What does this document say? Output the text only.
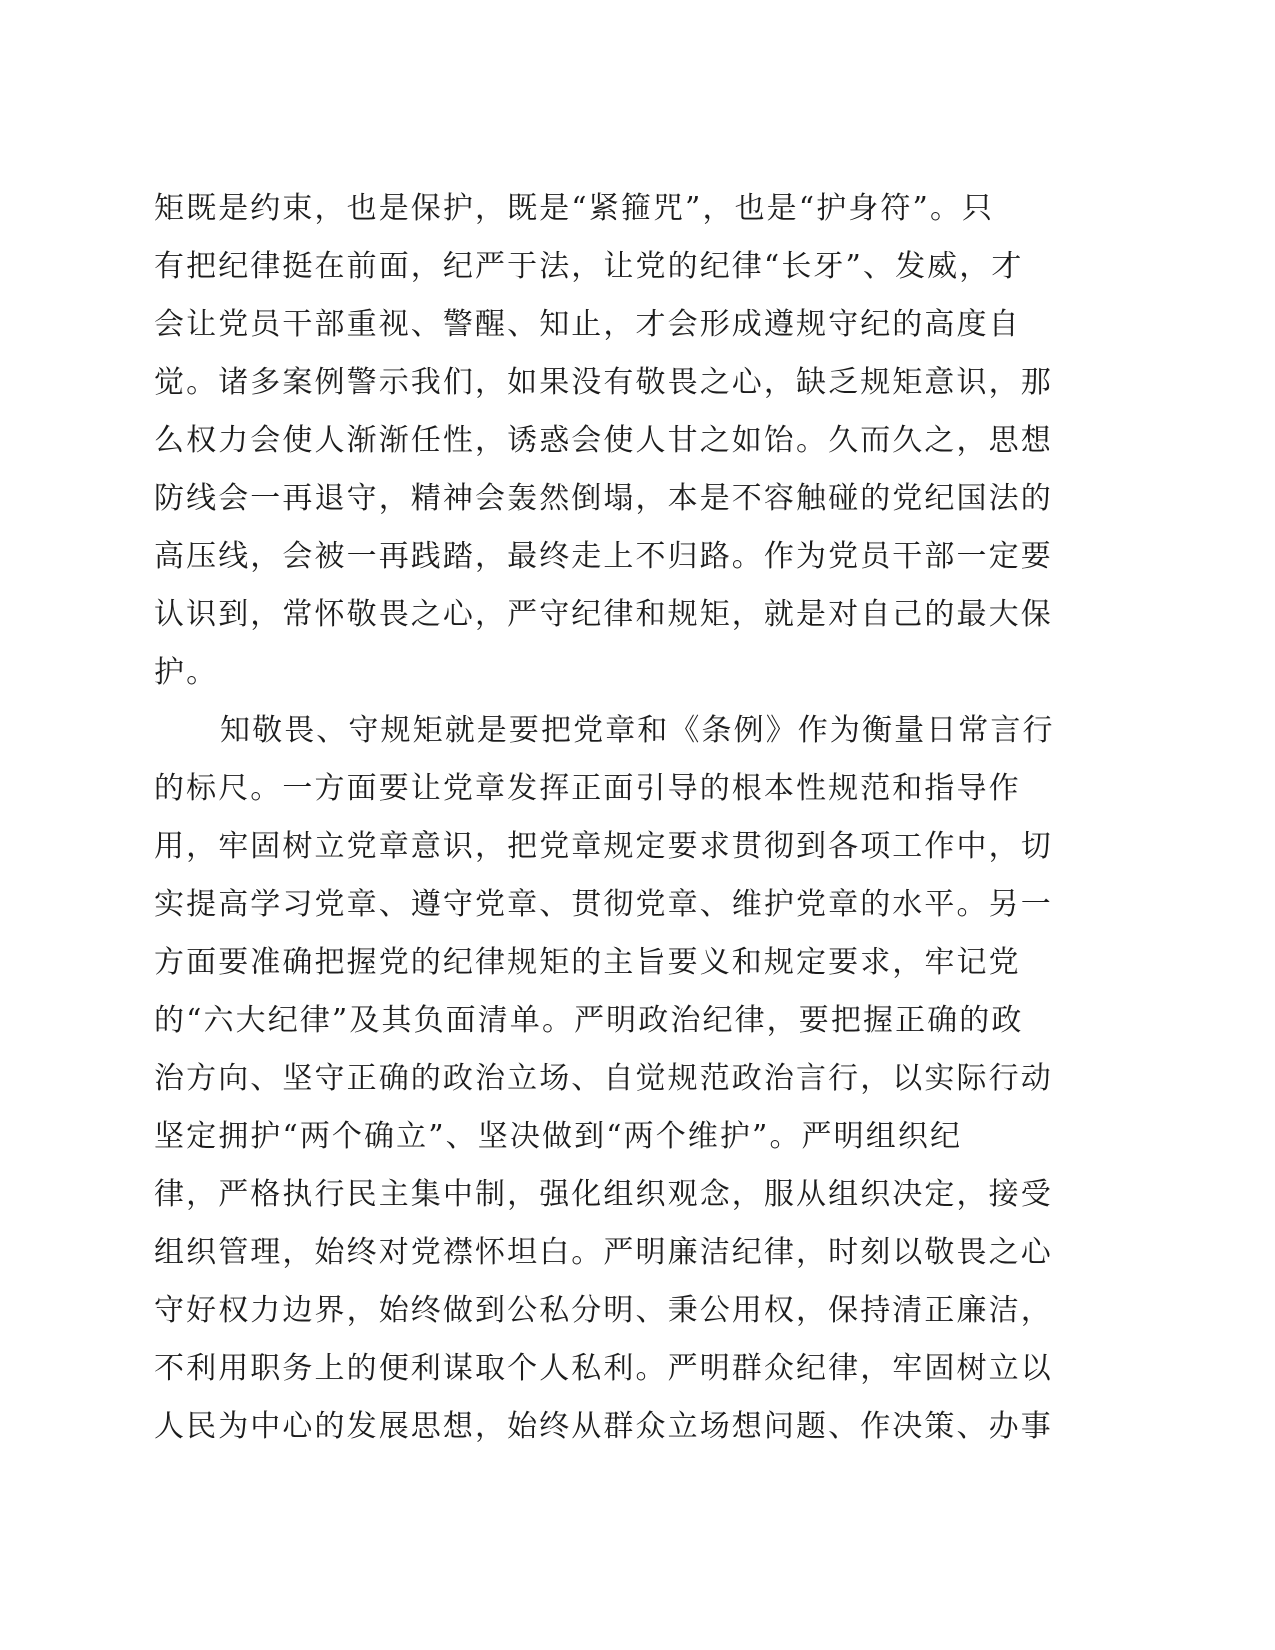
矩既是约束，也是保护，既是“紧箍咒”，也是“护身符”。只
有把纪律挺在前面，纪严于法，让党的纪律“长牙”、发威，才
会让党员干部重视、警醒、知止，才会形成遵规守纪的高度自
觉。诸多案例警示我们，如果没有敬畏之心，缺乏规矩意识，那
么权力会使人渐渐任性，诱惑会使人甘之如饴。久而久之，思想
防线会一再退守，精神会轰然倒塌，本是不容触碰的党纪国法的
高压线，会被一再践踏，最终走上不归路。作为党员干部一定要
认识到，常怀敬畏之心，严守纪律和规矩，就是对自己的最大保
护。
知敬畏、守规矩就是要把党章和《条例》作为衡量日常言行
的标尺。一方面要让党章发挥正面引导的根本性规范和指导作
用，牢固树立党章意识，把党章规定要求贯彻到各项工作中，切
实提高学习党章、遵守党章、贯彻党章、维护党章的水平。另一
方面要准确把握党的纪律规矩的主旨要义和规定要求，牢记党
的“六大纪律”及其负面清单。严明政治纪律，要把握正确的政
治方向、坚守正确的政治立场、自觉规范政治言行，以实际行动
坚定拥护“两个确立”、坚决做到“两个维护”。严明组织纪
律，严格执行民主集中制，强化组织观念，服从组织决定，接受
组织管理，始终对党襟怀坦白。严明廉洁纪律，时刻以敬畏之心
守好权力边界，始终做到公私分明、秉公用权，保持清正廉洁，
不利用职务上的便利谋取个人私利。严明群众纪律，牢固树立以
人民为中心的发展思想，始终从群众立场想问题、作决策、办事
